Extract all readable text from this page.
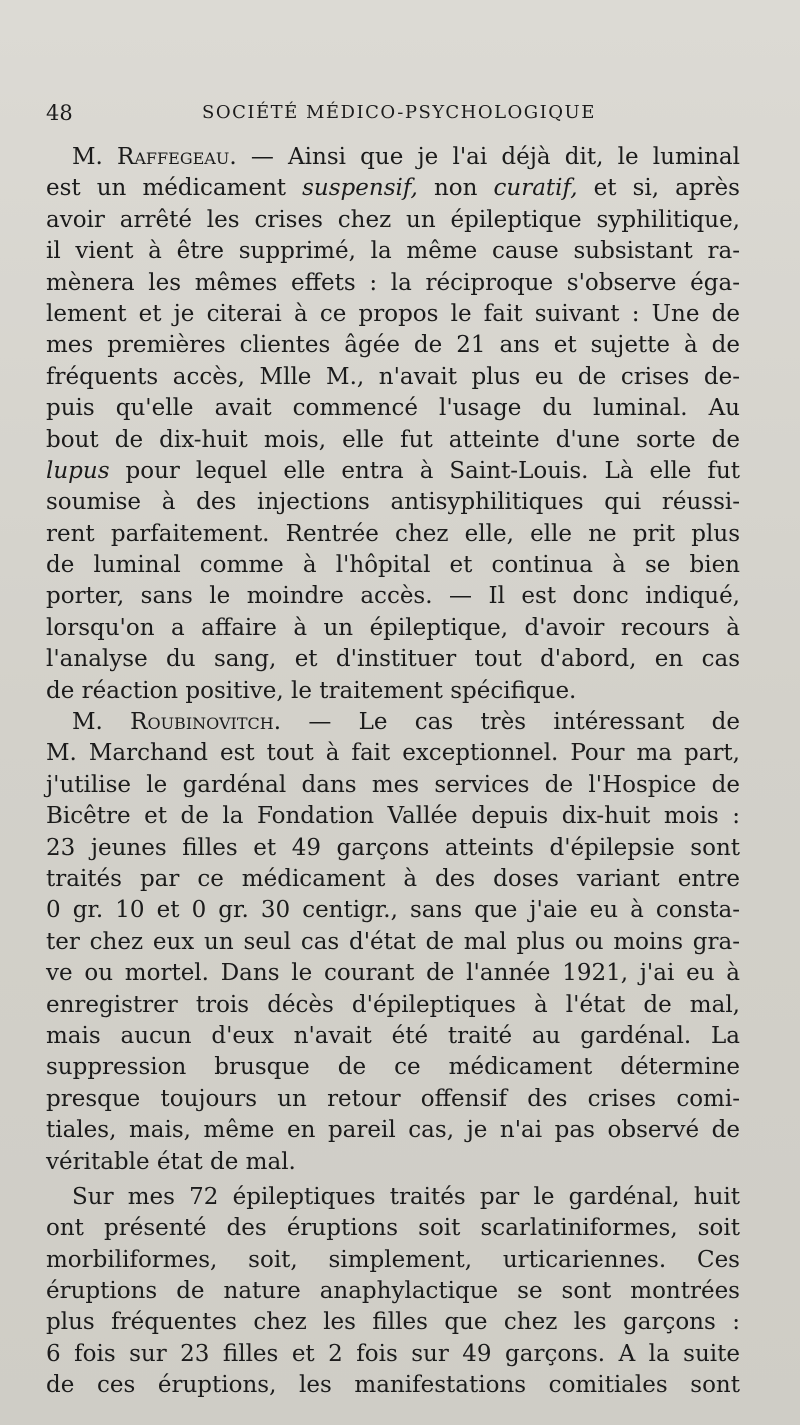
48	SOCIÉTÉ MÉDICO-PSYCHOLOGIQUE
M. Raffegeau. — Ainsi que je l'ai déjà dit, le luminal
est un médicament suspensif, non curatif, et si, après
avoir arrêté les crises chez un épileptique syphilitique,
il vient à être supprimé, la même cause subsistant ra-
mènera les mêmes effets : la réciproque s'observe éga-
lement et je citerai à ce propos le fait suivant : Une de
mes premières clientes âgée de 21 ans et sujette à de
fréquents accès, Mlle M., n'avait plus eu de crises de-
puis qu'elle avait commencé l'usage du luminal. Au
bout de dix-huit mois, elle fut atteinte d'une sorte de
lupus pour lequel elle entra à Saint-Louis. Là elle fut
soumise à des injections antisyphilitiques qui réussi-
rent parfaitement. Rentrée chez elle, elle ne prit plus
de luminal comme à l'hôpital et continua à se bien
porter, sans le moindre accès. — Il est donc indiqué,
lorsqu'on a affaire à un épileptique, d'avoir recours à
l'analyse du sang, et d'instituer tout d'abord, en cas
de réaction positive, le traitement spécifique.
M. Roubinovitch. — Le cas très intéressant de
M. Marchand est tout à fait exceptionnel. Pour ma part,
j'utilise le gardénal dans mes services de l'Hospice de
Bicêtre et de la Fondation Vallée depuis dix-huit mois :
23 jeunes filles et 49 garçons atteints d'épilepsie sont
traités par ce médicament à des doses variant entre
0 gr. 10 et 0 gr. 30 centigr., sans que j'aie eu à consta-
ter chez eux un seul cas d'état de mal plus ou moins gra-
ve ou mortel. Dans le courant de l'année 1921, j'ai eu à
enregistrer trois décès d'épileptiques à l'état de mal,
mais aucun d'eux n'avait été traité au gardénal. La
suppression brusque de ce médicament détermine
presque toujours un retour offensif des crises comi-
tiales, mais, même en pareil cas, je n'ai pas observé de
véritable état de mal.
Sur mes 72 épileptiques traités par le gardénal, huit
ont présenté des éruptions soit scarlatiniformes, soit
morbiliformes, soit, simplement, urticariennes. Ces
éruptions de nature anaphylactique se sont montrées
plus fréquentes chez les filles que chez les garçons :
6 fois sur 23 filles et 2 fois sur 49 garçons. A la suite
de ces éruptions, les manifestations comitiales sont
